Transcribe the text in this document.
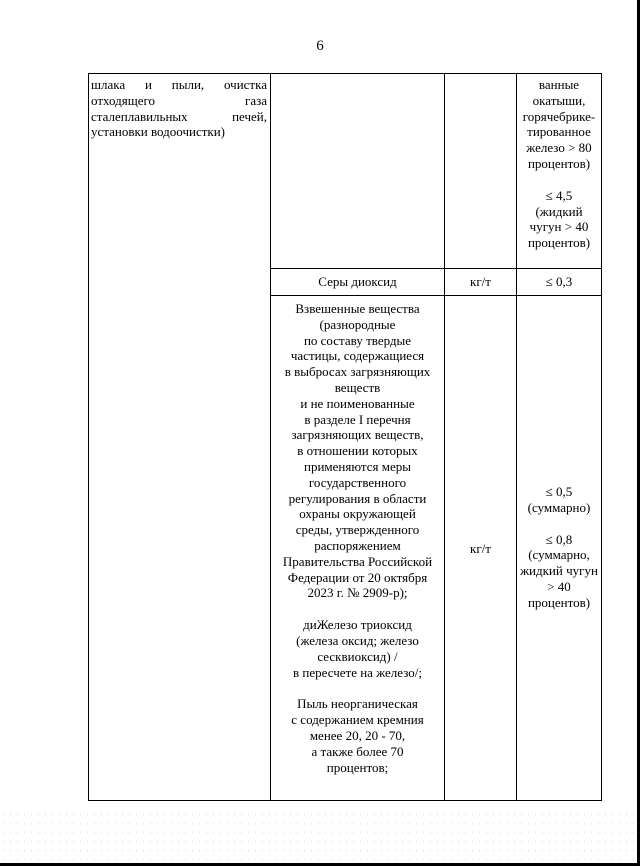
6
шлака и пыли, очистка
отходящего газа
сталеплавильных печей,
установки водоочистки)
ванные
окатыши,
горячебрике-
тированное
железо > 80
процентов)
≤ 4,5
(жидкий
чугун > 40
процентов)
Серы диоксид	кг/т	≤ 0,3
Взвешенные вещества
(разнородные
по составу твердые
частицы, содержащиеся
в выбросах загрязняющих
веществ
и не поименованные
в разделе I перечня
загрязняющих веществ,
в отношении которых
применяются меры
государственного
регулирования в области
охраны окружающей
среды, утвержденного
распоряжением
Правительства Российской
Федерации от 20 октября
2023 г. № 2909-р);
диЖелезо триоксид
(железа оксид; железо
сесквиоксид) /
в пересчете на железо/;
Пыль неорганическая
с содержанием кремния
менее 20, 20 - 70,
а также более 70
процентов;
кг/т
≤ 0,5
(суммарно)
≤ 0,8
(суммарно,
жидкий чугун
> 40
процентов)
